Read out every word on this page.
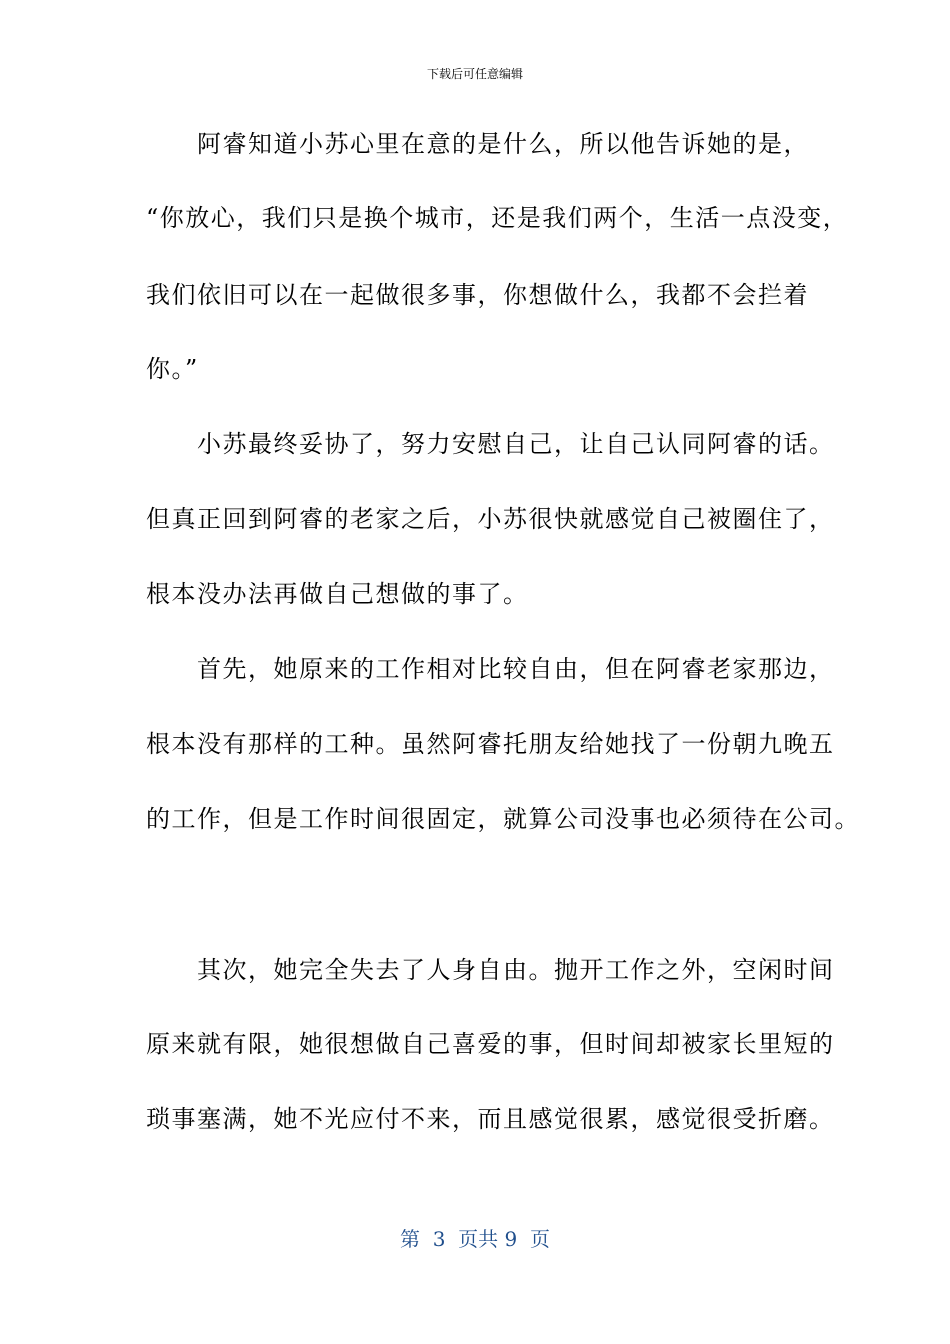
下载后可任意编辑
　　阿睿知道小苏心里在意的是什么，所以他告诉她的是，
“你放心，我们只是换个城市，还是我们两个，生活一点没变，
我们依旧可以在一起做很多事，你想做什么，我都不会拦着
你。”
　　小苏最终妥协了，努力安慰自己，让自己认同阿睿的话。
但真正回到阿睿的老家之后，小苏很快就感觉自己被圈住了，
根本没办法再做自己想做的事了。
　　首先，她原来的工作相对比较自由，但在阿睿老家那边，
根本没有那样的工种。虽然阿睿托朋友给她找了一份朝九晚五
的工作，但是工作时间很固定，就算公司没事也必须待在公司。
　　其次，她完全失去了人身自由。抛开工作之外，空闲时间
原来就有限，她很想做自己喜爱的事，但时间却被家长里短的
琐事塞满，她不光应付不来，而且感觉很累，感觉很受折磨。
第  3  页共 9  页
